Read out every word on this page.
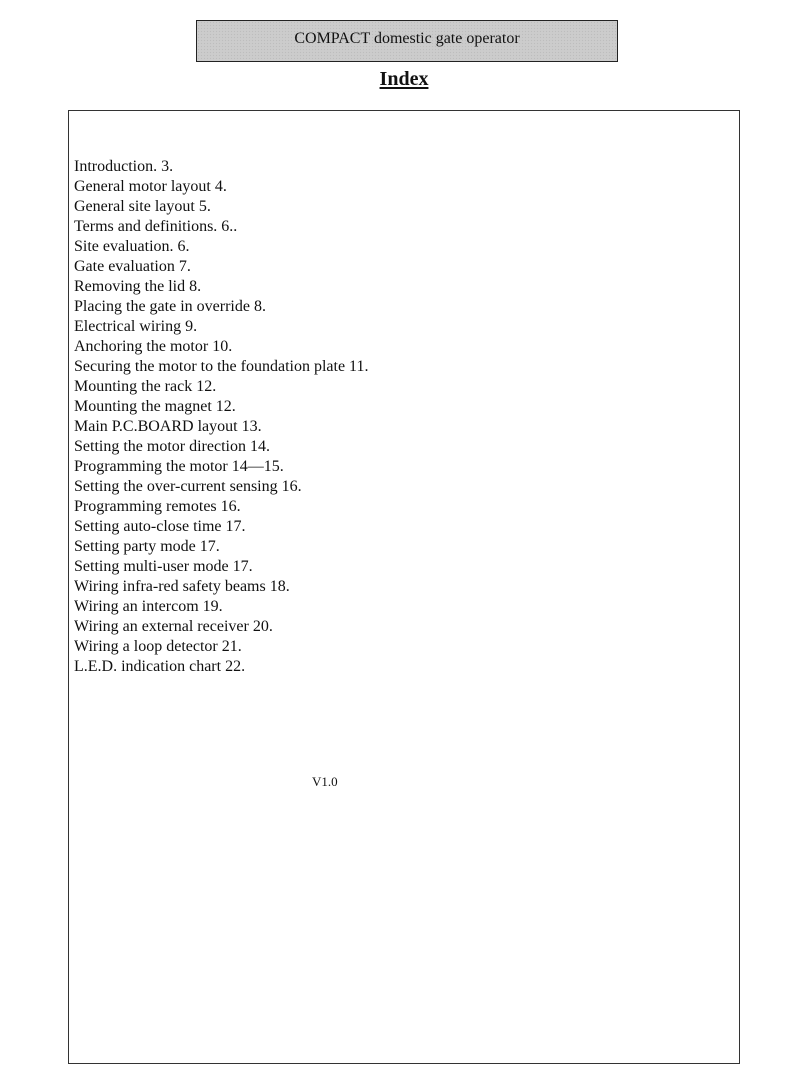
COMPACT domestic gate operator
Index
Introduction. 3.
General motor layout 4.
General site layout 5.
Terms and definitions. 6..
Site evaluation. 6.
Gate evaluation 7.
Removing the lid 8.
Placing the gate in override 8.
Electrical wiring 9.
Anchoring the motor 10.
Securing the motor to the foundation plate 11.
Mounting the rack 12.
Mounting the magnet 12.
Main P.C.BOARD layout 13.
Setting the motor direction 14.
Programming the motor 14—15.
Setting the over-current sensing 16.
Programming remotes 16.
Setting auto-close time 17.
Setting party mode 17.
Setting multi-user mode 17.
Wiring infra-red safety beams 18.
Wiring an intercom 19.
Wiring an external receiver 20.
Wiring a loop detector 21.
L.E.D. indication chart 22.
V1.0
